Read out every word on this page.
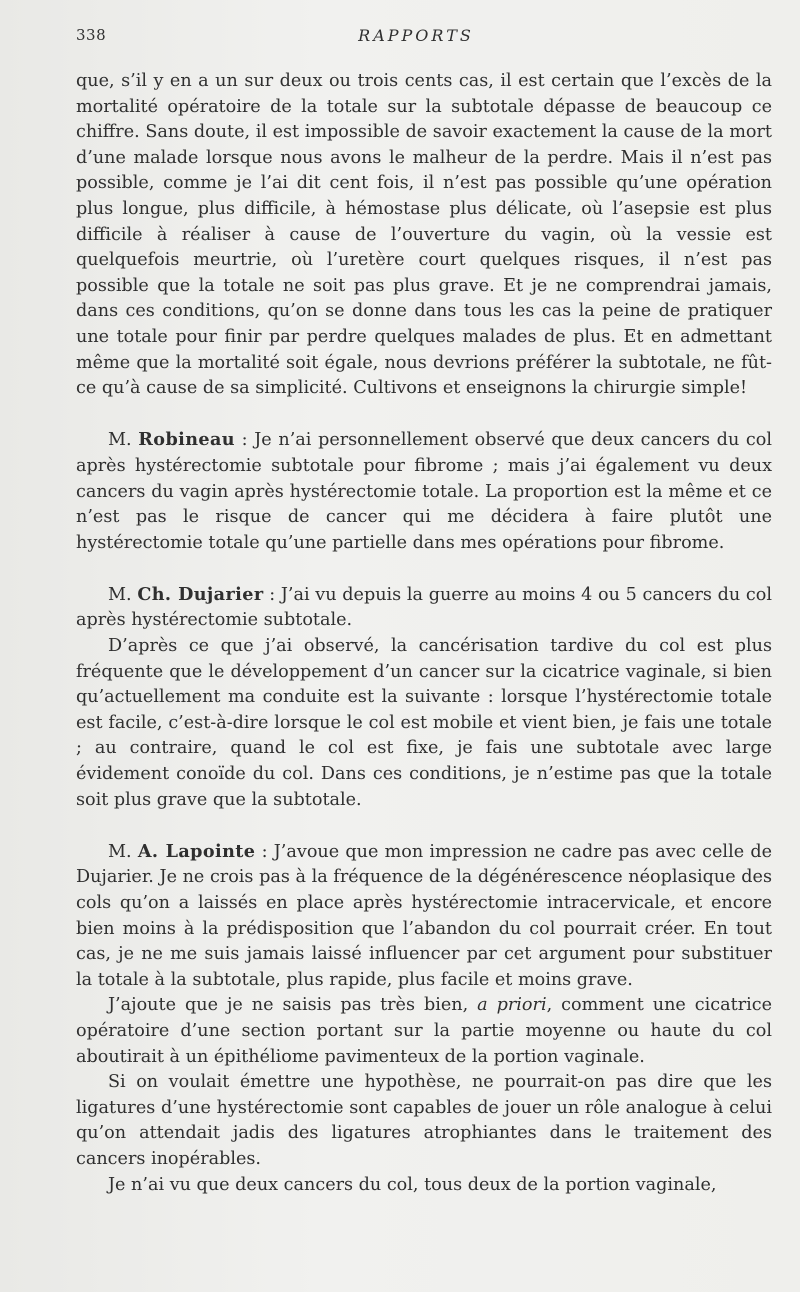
338	RAPPORTS

que, s’il y en a un sur deux ou trois cents cas, il est certain que l’excès de la mortalité opératoire de la totale sur la subtotale dépasse de beaucoup ce chiffre. Sans doute, il est impossible de savoir exactement la cause de la mort d’une malade lorsque nous avons le malheur de la perdre. Mais il n’est pas possible, comme je l’ai dit cent fois, il n’est pas possible qu’une opération plus longue, plus difficile, à hémostase plus délicate, où l’asepsie est plus difficile à réaliser à cause de l’ouverture du vagin, où la vessie est quelquefois meurtrie, où l’uretère court quelques risques, il n’est pas possible que la totale ne soit pas plus grave. Et je ne comprendrai jamais, dans ces conditions, qu’on se donne dans tous les cas la peine de pratiquer une totale pour finir par perdre quelques malades de plus. Et en admettant même que la mortalité soit égale, nous devrions préférer la subtotale, ne fût-ce qu’à cause de sa simplicité. Cultivons et enseignons la chirurgie simple!

M. Robineau : Je n’ai personnellement observé que deux cancers du col après hystérectomie subtotale pour fibrome ; mais j’ai également vu deux cancers du vagin après hystérectomie totale. La proportion est la même et ce n’est pas le risque de cancer qui me décidera à faire plutôt une hystérectomie totale qu’une partielle dans mes opérations pour fibrome.

M. Ch. Dujarier : J’ai vu depuis la guerre au moins 4 ou 5 cancers du col après hystérectomie subtotale.

D’après ce que j’ai observé, la cancérisation tardive du col est plus fréquente que le développement d’un cancer sur la cicatrice vaginale, si bien qu’actuellement ma conduite est la suivante : lorsque l’hystérectomie totale est facile, c’est-à-dire lorsque le col est mobile et vient bien, je fais une totale ; au contraire, quand le col est fixe, je fais une subtotale avec large évidement conoïde du col. Dans ces conditions, je n’estime pas que la totale soit plus grave que la subtotale.

M. A. Lapointe : J’avoue que mon impression ne cadre pas avec celle de Dujarier. Je ne crois pas à la fréquence de la dégénérescence néoplasique des cols qu’on a laissés en place après hystérectomie intracervicale, et encore bien moins à la prédisposition que l’abandon du col pourrait créer. En tout cas, je ne me suis jamais laissé influencer par cet argument pour substituer la totale à la subtotale, plus rapide, plus facile et moins grave.

J’ajoute que je ne saisis pas très bien, a priori, comment une cicatrice opératoire d’une section portant sur la partie moyenne ou haute du col aboutirait à un épithéliome pavimenteux de la portion vaginale.

Si on voulait émettre une hypothèse, ne pourrait-on pas dire que les ligatures d’une hystérectomie sont capables de jouer un rôle analogue à celui qu’on attendait jadis des ligatures atrophiantes dans le traitement des cancers inopérables.

Je n’ai vu que deux cancers du col, tous deux de la portion vaginale,
